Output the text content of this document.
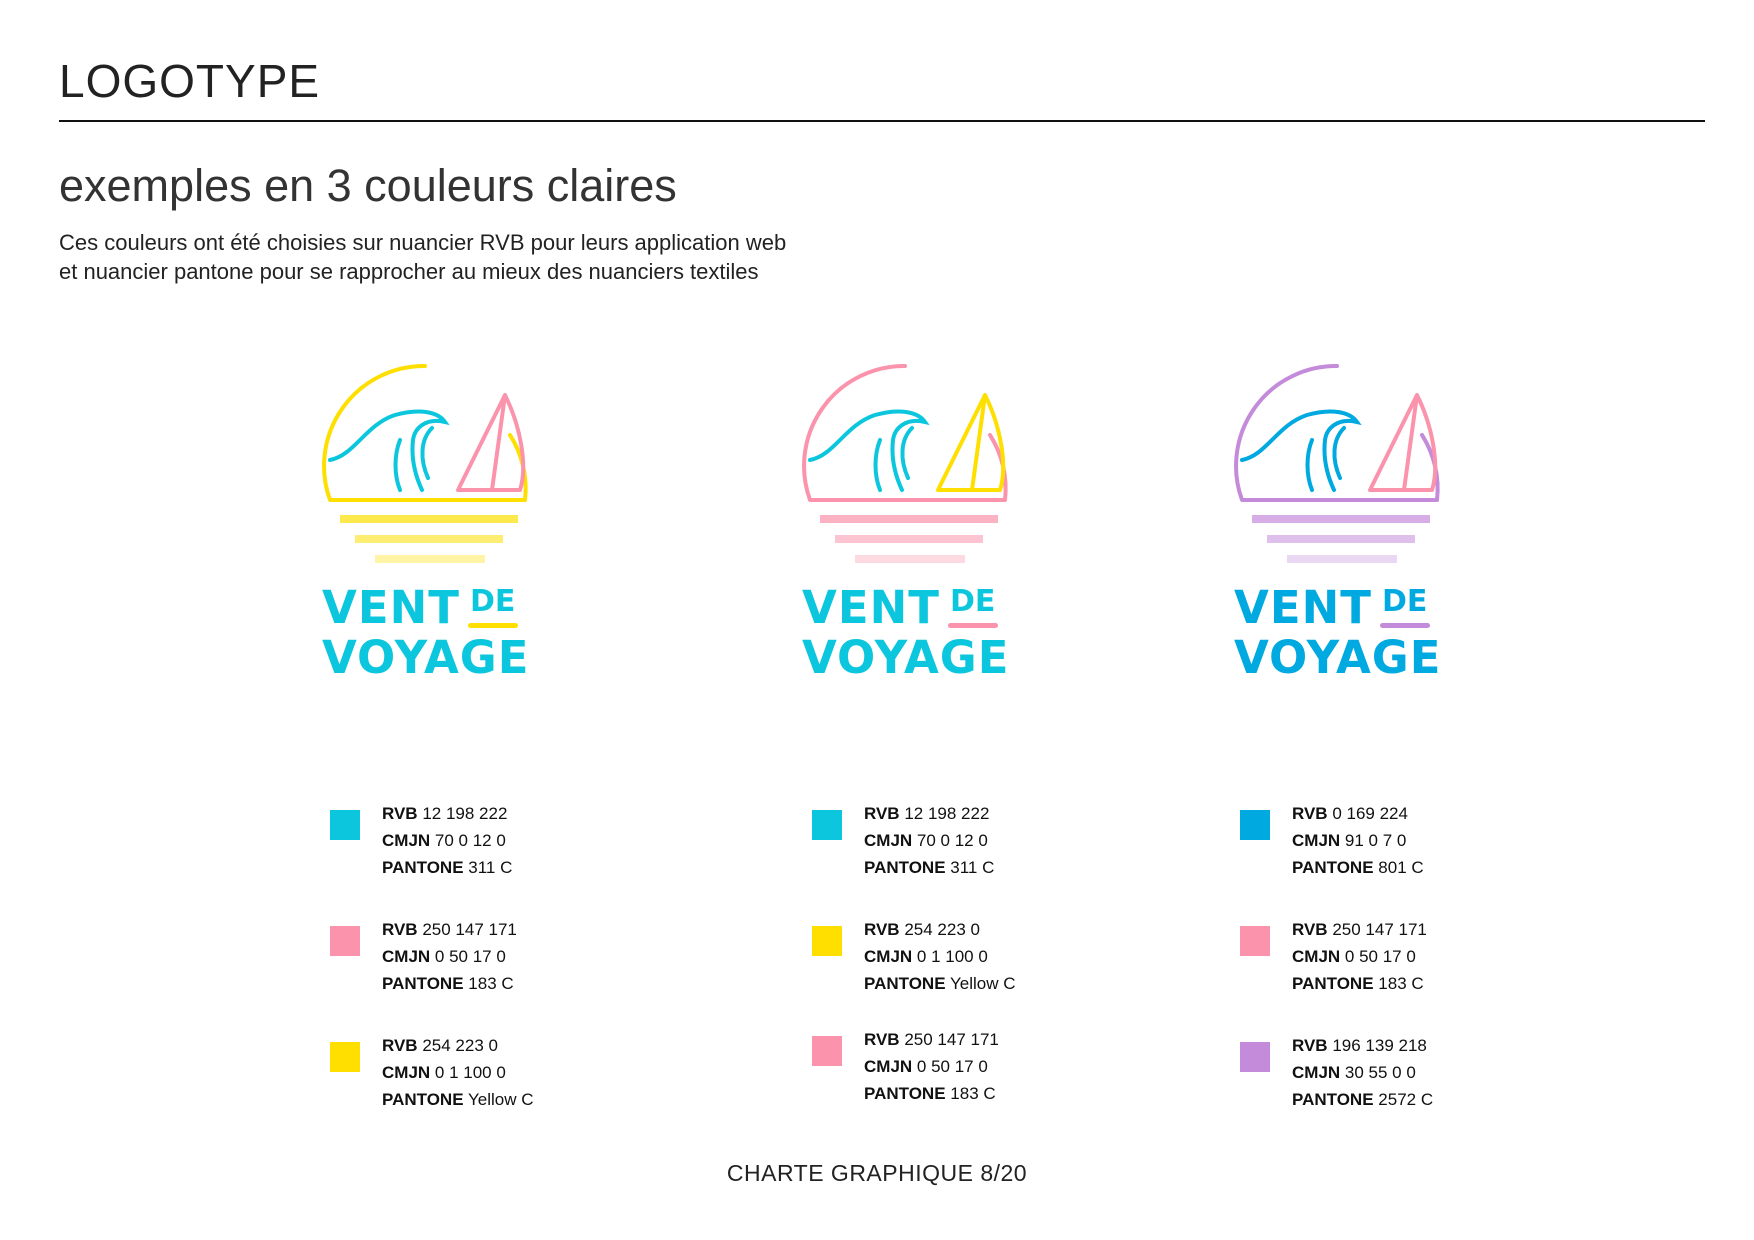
LOGOTYPE
exemples en 3 couleurs claires

Ces couleurs ont été choisies sur nuancier RVB pour leurs application web

et nuancier pantone pour se rapprocher au mieux des nuanciers textiles

VENT DE
VOYAGE
VENT DE
VOYAGE
VENT DE
VOYAGE
RVB 12 198 222
CMJN 70 0 12 0
PANTONE 311 C
RVB 250 147 171
CMJN 0 50 17 0
PANTONE 183 C
RVB 254 223 0
CMJN 0 1 100 0
PANTONE Yellow C
RVB 12 198 222
CMJN 70 0 12 0
PANTONE 311 C
RVB 254 223 0
CMJN 0 1 100 0
PANTONE Yellow C
RVB 250 147 171
CMJN 0 50 17 0
PANTONE 183 C
RVB 0 169 224
CMJN 91 0 7 0
PANTONE 801 C
RVB 250 147 171
CMJN 0 50 17 0
PANTONE 183 C
RVB 196 139 218
CMJN 30 55 0 0
PANTONE 2572 C
CHARTE GRAPHIQUE 8/20
